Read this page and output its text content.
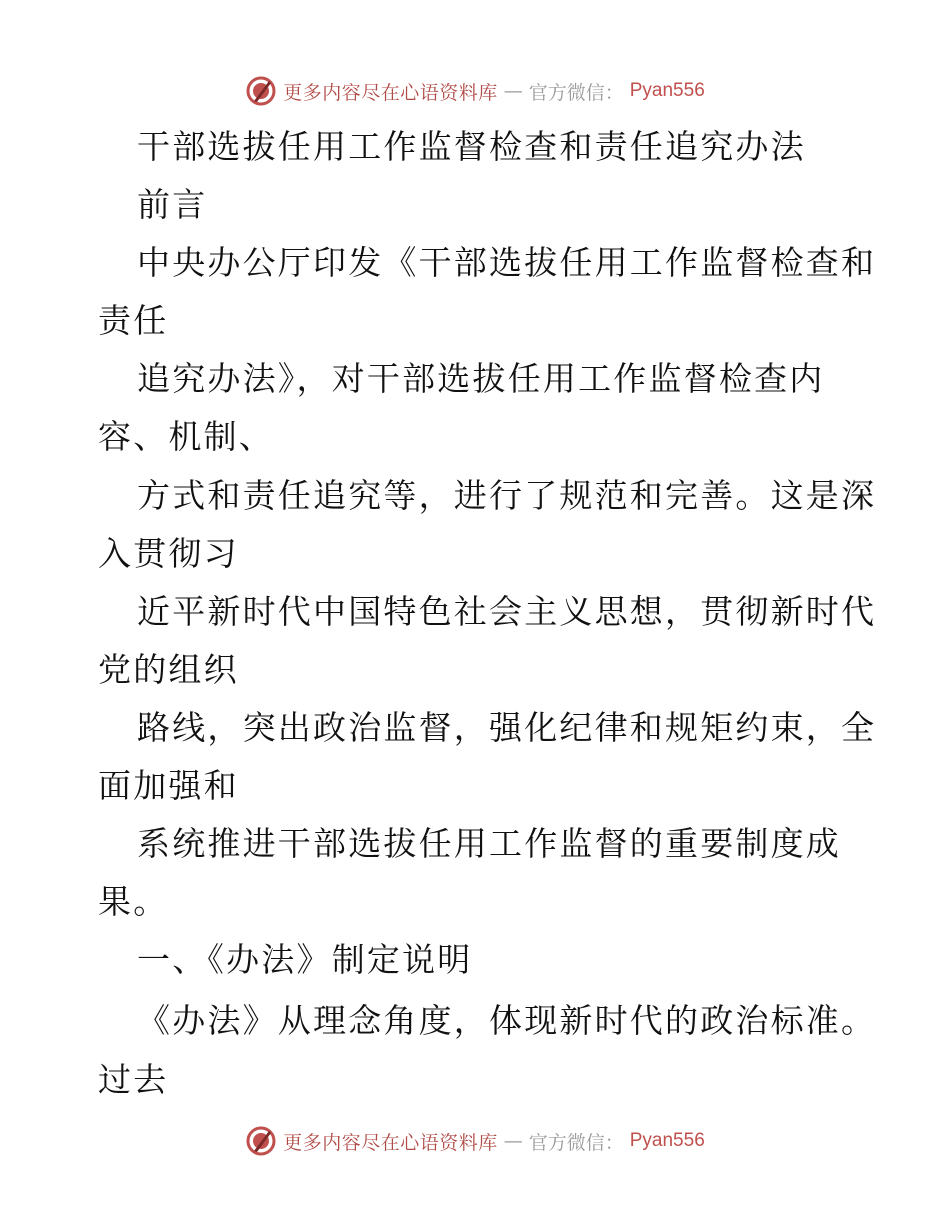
更多内容尽在心语资料库 — 官方微信： Pyan556
干部选拔任用工作监督检查和责任追究办法
前言
中央办公厅印发《干部选拔任用工作监督检查和
责任
追究办法》，对干部选拔任用工作监督检查内
容、机制、
方式和责任追究等，进行了规范和完善。这是深
入贯彻习
近平新时代中国特色社会主义思想，贯彻新时代
党的组织
路线，突出政治监督，强化纪律和规矩约束，全
面加强和
系统推进干部选拔任用工作监督的重要制度成
果。
一、《办法》制定说明
《办法》从理念角度，体现新时代的政治标准。
过去
更多内容尽在心语资料库 — 官方微信： Pyan556
